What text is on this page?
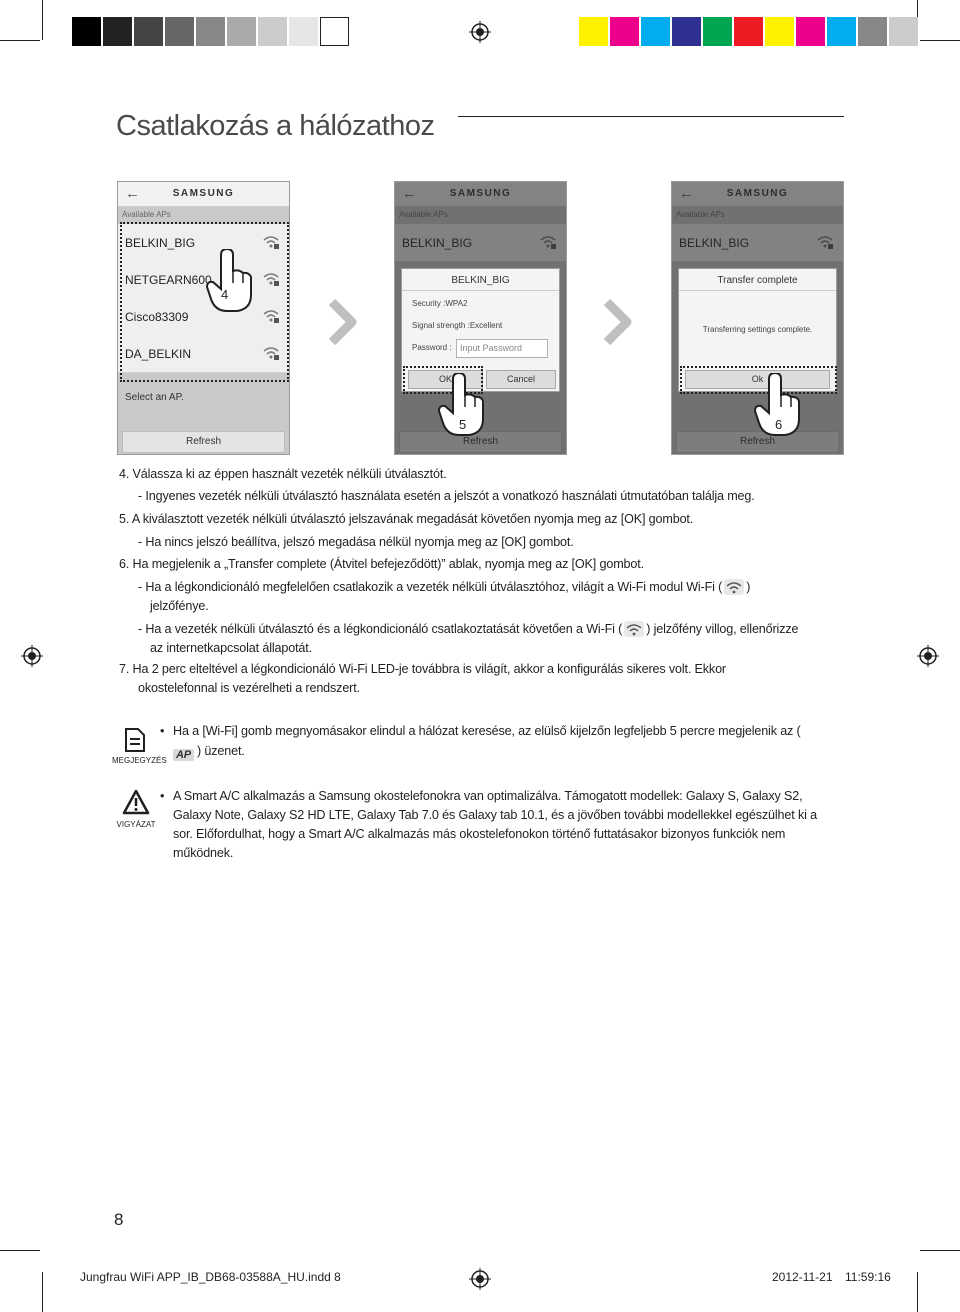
Csatlakozás a hálózathoz
←	SAMSUNG
Available APs
BELKIN_BIG
NETGEARN600
Cisco83309
DA_BELKIN
Select an AP.
Refresh
BELKIN_BIG
Security :WPA2
Signal strength :Excellent
Password : Input Password
OK	Cancel
Transfer complete
Transferring settings complete.
Ok
4
5	6
4. Válassza ki az éppen használt vezeték nélküli útválasztót.
- Ingyenes vezeték nélküli útválasztó használata esetén a jelszót a vonatkozó használati útmutatóban találja meg.
5. A kiválasztott vezeték nélküli útválasztó jelszavának megadását követően nyomja meg az [OK] gombot.
- Ha nincs jelszó beállítva, jelszó megadása nélkül nyomja meg az [OK] gombot.
6. Ha megjelenik a „Transfer complete (Átvitel befejeződött)” ablak, nyomja meg az [OK] gombot.
- Ha a légkondicionáló megfelelően csatlakozik a vezeték nélküli útválasztóhoz, világít a Wi-Fi modul Wi-Fi ( )
jelzőfénye.
- Ha a vezeték nélküli útválasztó és a légkondicionáló csatlakoztatását követően a Wi-Fi ( ) jelzőfény villog, ellenőrizze
az internetkapcsolat állapotát.
7. Ha 2 perc elteltével a légkondicionáló Wi-Fi LED-je továbbra is világít, akkor a konfigurálás sikeres volt. Ekkor
okostelefonnal is vezérelheti a rendszert.
MEGJEGYZÉS
• Ha a [Wi-Fi] gomb megnyomásakor elindul a hálózat keresése, az elülső kijelzőn legfeljebb 5 percre megjelenik az (
AP ) üzenet.
VIGYÁZAT
• A Smart A/C alkalmazás a Samsung okostelefonokra van optimalizálva. Támogatott modellek: Galaxy S, Galaxy S2,
Galaxy Note, Galaxy S2 HD LTE, Galaxy Tab 7.0 és Galaxy tab 10.1, és a jövőben további modellekkel egészülhet ki a
sor. Előfordulhat, hogy a Smart A/C alkalmazás más okostelefonokon történő futtatásakor bizonyos funkciók nem
működnek.
8
Jungfrau WiFi APP_IB_DB68-03588A_HU.indd 8	2012-11-21 11:59:16
